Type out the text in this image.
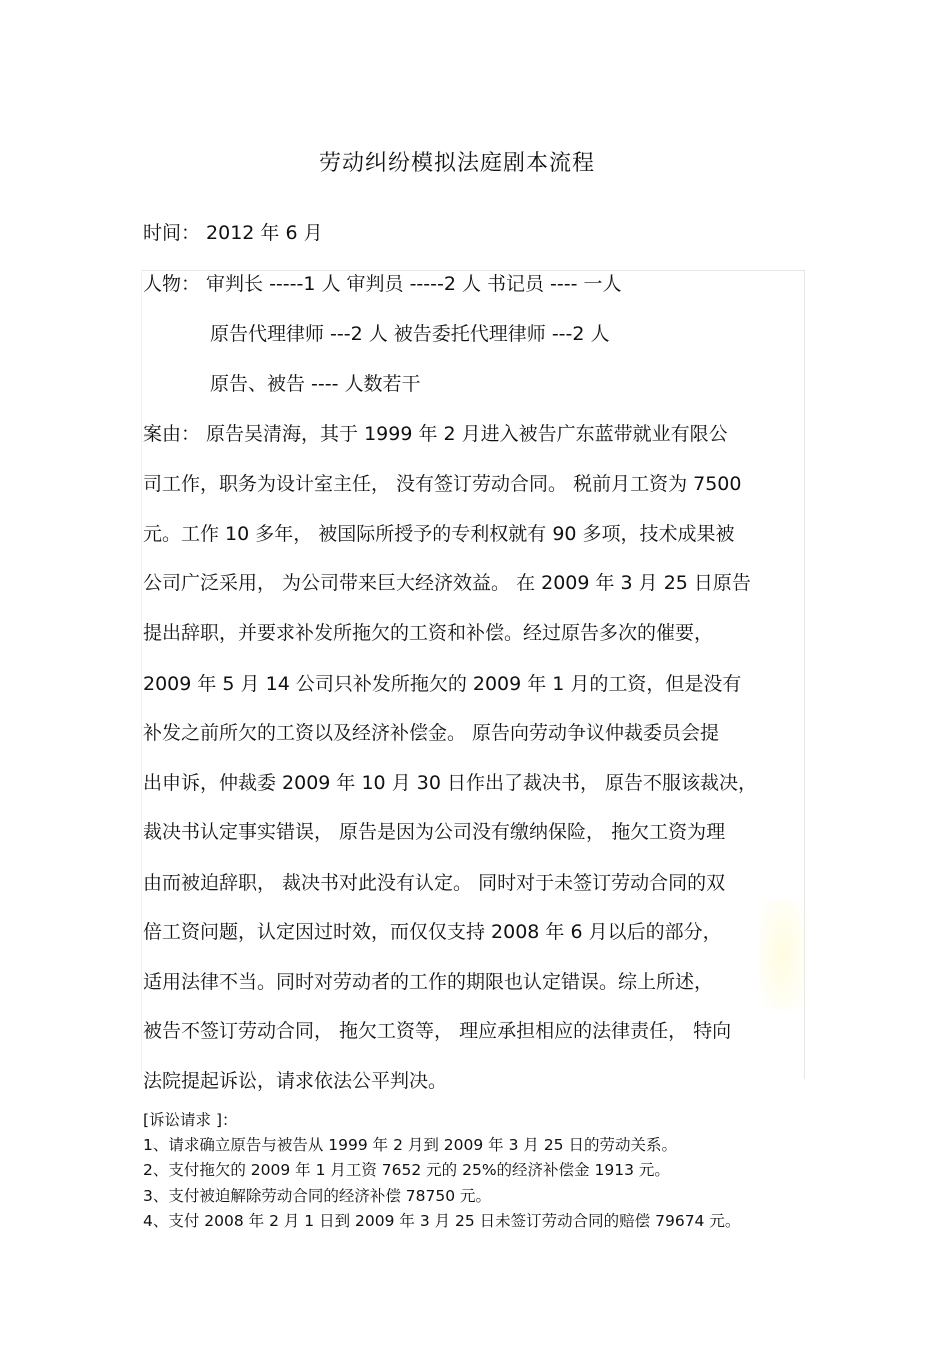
劳动纠纷模拟法庭剧本流程
时间： 2012 年 6 月
人物： 审判长 -----1 人 审判员 -----2 人 书记员 ---- 一人
原告代理律师 ---2 人 被告委托代理律师 ---2 人
原告、被告 ---- 人数若干
案由： 原告吴清海，其于 1999 年 2 月进入被告广东蓝带就业有限公
司工作，职务为设计室主任， 没有签订劳动合同。 税前月工资为 7500
元。工作 10 多年， 被国际所授予的专利权就有 90 多项，技术成果被
公司广泛采用， 为公司带来巨大经济效益。 在 2009 年 3 月 25 日原告
提出辞职，并要求补发所拖欠的工资和补偿。经过原告多次的催要，
2009 年 5 月 14 公司只补发所拖欠的 2009 年 1 月的工资，但是没有
补发之前所欠的工资以及经济补偿金。 原告向劳动争议仲裁委员会提
出申诉，仲裁委 2009 年 10 月 30 日作出了裁决书， 原告不服该裁决，
裁决书认定事实错误， 原告是因为公司没有缴纳保险， 拖欠工资为理
由而被迫辞职， 裁决书对此没有认定。 同时对于未签订劳动合同的双
倍工资问题，认定因过时效，而仅仅支持 2008 年 6 月以后的部分，
适用法律不当。同时对劳动者的工作的期限也认定错误。综上所述，
被告不签订劳动合同， 拖欠工资等， 理应承担相应的法律责任， 特向
法院提起诉讼，请求依法公平判决。
[诉讼请求 ]：
1、请求确立原告与被告从 1999 年 2 月到 2009 年 3 月 25 日的劳动关系。
2、支付拖欠的 2009 年 1 月工资 7652 元的 25%的经济补偿金 1913 元。
3、支付被迫解除劳动合同的经济补偿 78750 元。
4、支付 2008 年 2 月 1 日到 2009 年 3 月 25 日未签订劳动合同的赔偿 79674 元。
